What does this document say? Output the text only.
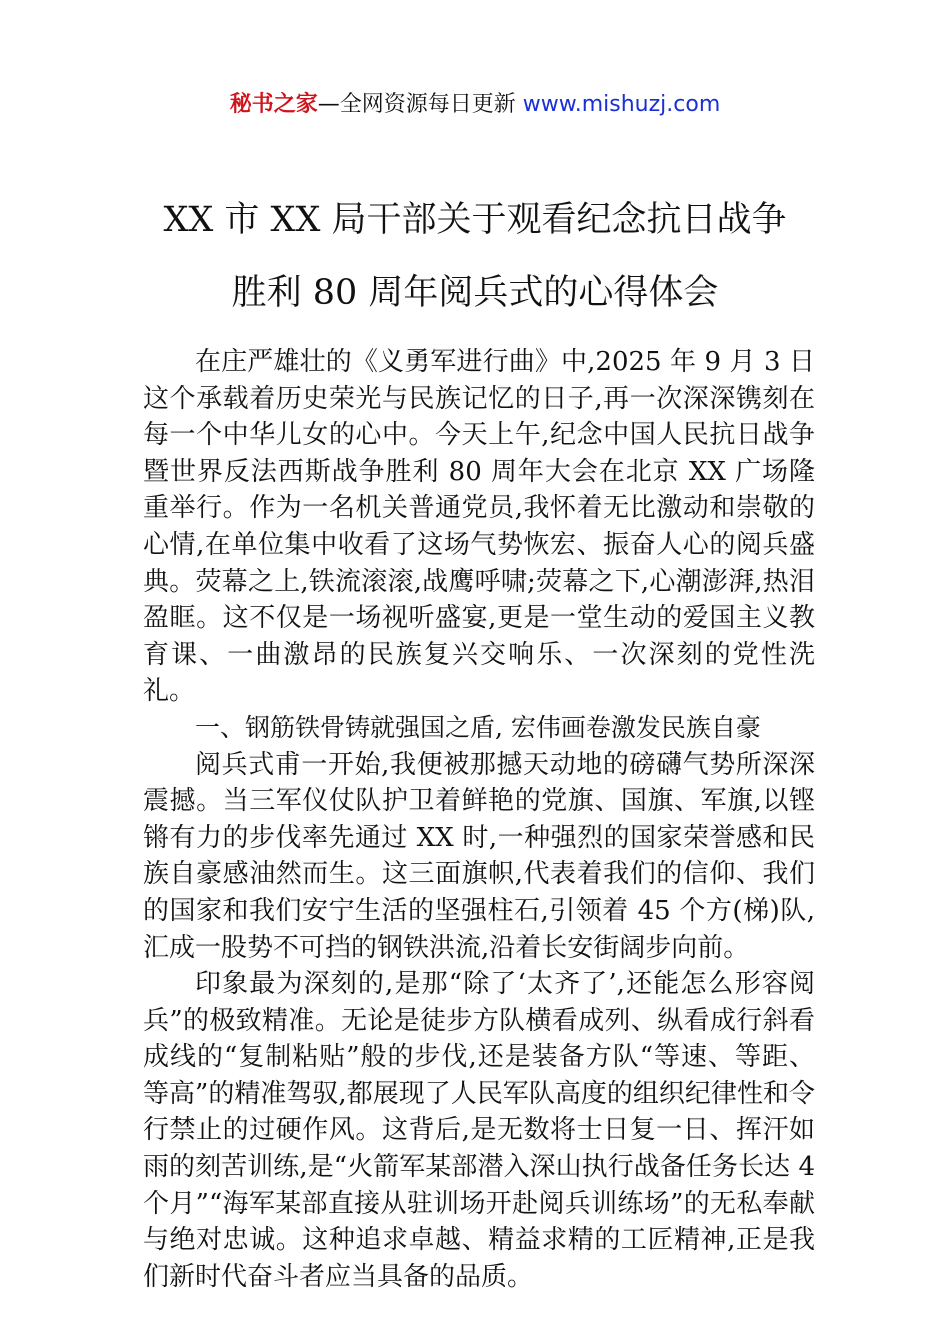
秘书之家—全网资源每日更新 www.mishuzj.com
XX 市 XX 局干部关于观看纪念抗日战争
胜利 80 周年阅兵式的心得体会

在庄严雄壮的《义勇军进行曲》中,2025 年 9 月 3 日这个承载着历史荣光与民族记忆的日子,再一次深深镌刻在每一个中华儿女的心中。今天上午,纪念中国人民抗日战争暨世界反法西斯战争胜利 80 周年大会在北京 XX 广场隆重举行。作为一名机关普通党员,我怀着无比激动和崇敬的心情,在单位集中收看了这场气势恢宏、振奋人心的阅兵盛典。荧幕之上,铁流滚滚,战鹰呼啸;荧幕之下,心潮澎湃,热泪盈眶。这不仅是一场视听盛宴,更是一堂生动的爱国主义教育课、一曲激昂的民族复兴交响乐、一次深刻的党性洗礼。

一、钢筋铁骨铸就强国之盾, 宏伟画卷激发民族自豪

阅兵式甫一开始,我便被那撼天动地的磅礴气势所深深震撼。当三军仪仗队护卫着鲜艳的党旗、国旗、军旗,以铿锵有力的步伐率先通过 XX 时,一种强烈的国家荣誉感和民族自豪感油然而生。这三面旗帜,代表着我们的信仰、我们的国家和我们安宁生活的坚强柱石,引领着 45 个方(梯)队,汇成一股势不可挡的钢铁洪流,沿着长安街阔步向前。

印象最为深刻的,是那“除了‘太齐了’,还能怎么形容阅兵”的极致精准。无论是徒步方队横看成列、纵看成行斜看成线的“复制粘贴”般的步伐,还是装备方队“等速、等距、等高”的精准驾驭,都展现了人民军队高度的组织纪律性和令行禁止的过硬作风。这背后,是无数将士日复一日、挥汗如雨的刻苦训练,是“火箭军某部潜入深山执行战备任务长达 4 个月”“海军某部直接从驻训场开赴阅兵训练场”的无私奉献与绝对忠诚。这种追求卓越、精益求精的工匠精神,正是我们新时代奋斗者应当具备的品质。
